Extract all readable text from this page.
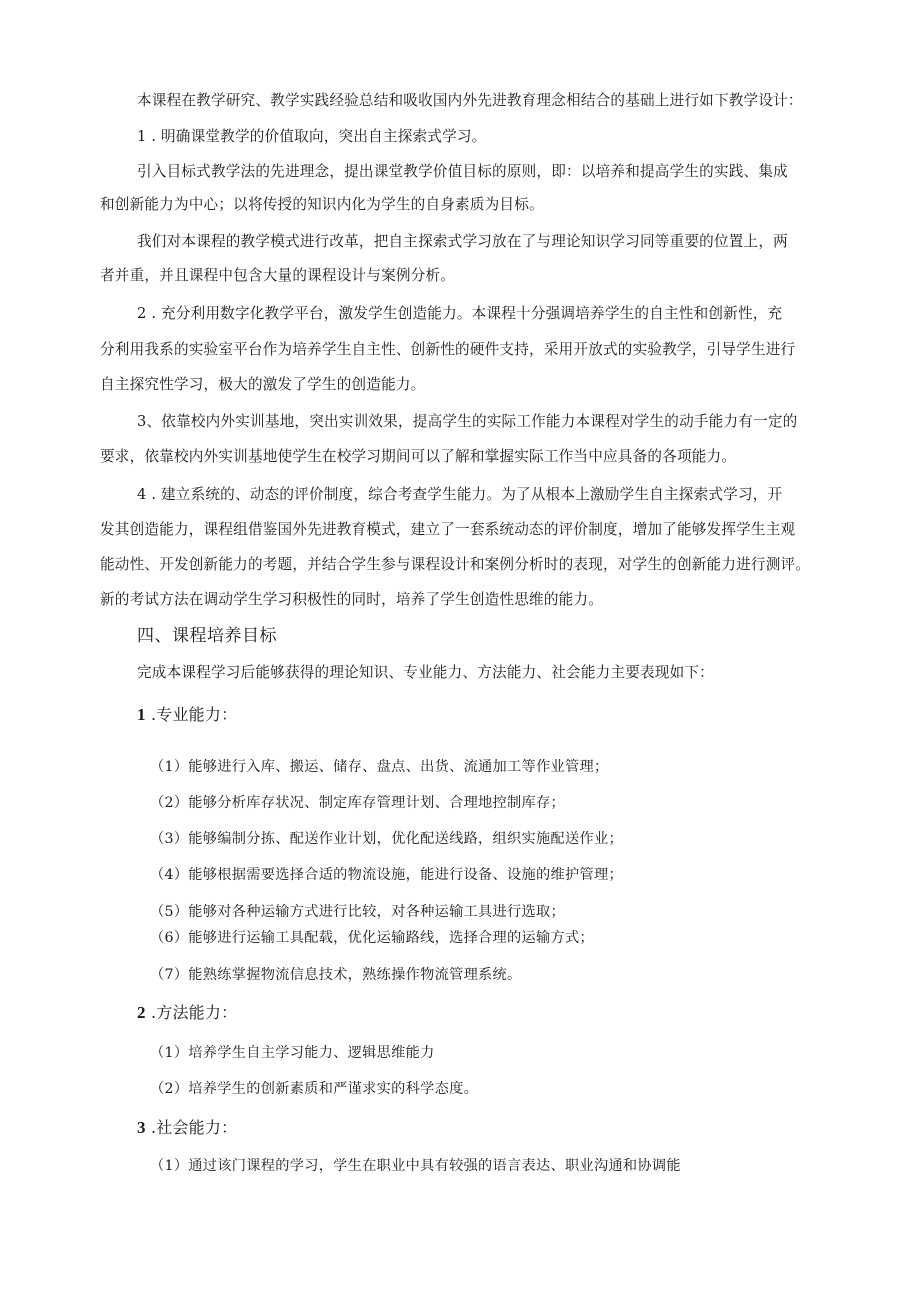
本课程在教学研究、教学实践经验总结和吸收国内外先进教育理念相结合的基础上进行如下教学设计：
1 . 明确课堂教学的价值取向，突出自主探索式学习。
引入目标式教学法的先进理念，提出课堂教学价值目标的原则，即：以培养和提高学生的实践、集成
和创新能力为中心；以将传授的知识内化为学生的自身素质为目标。
我们对本课程的教学模式进行改革，把自主探索式学习放在了与理论知识学习同等重要的位置上，两
者并重，并且课程中包含大量的课程设计与案例分析。
2 . 充分利用数字化教学平台，激发学生创造能力。本课程十分强调培养学生的自主性和创新性，充
分利用我系的实验室平台作为培养学生自主性、创新性的硬件支持，采用开放式的实验教学，引导学生进行
自主探究性学习，极大的激发了学生的创造能力。
3、依靠校内外实训基地，突出实训效果，提高学生的实际工作能力本课程对学生的动手能力有一定的
要求，依靠校内外实训基地使学生在校学习期间可以了解和掌握实际工作当中应具备的各项能力。
4 . 建立系统的、动态的评价制度，综合考查学生能力。为了从根本上激励学生自主探索式学习，开
发其创造能力，课程组借鉴国外先进教育模式，建立了一套系统动态的评价制度，增加了能够发挥学生主观
能动性、开发创新能力的考题，并结合学生参与课程设计和案例分析时的表现，对学生的创新能力进行测评。
新的考试方法在调动学生学习积极性的同时，培养了学生创造性思维的能力。
四、课程培养目标
完成本课程学习后能够获得的理论知识、专业能力、方法能力、社会能力主要表现如下：
1 .专业能力：
（1）能够进行入库、搬运、储存、盘点、出货、流通加工等作业管理；
（2）能够分析库存状况、制定库存管理计划、合理地控制库存；
（3）能够编制分拣、配送作业计划，优化配送线路，组织实施配送作业；
（4）能够根据需要选择合适的物流设施，能进行设备、设施的维护管理；
（5）能够对各种运输方式进行比较，对各种运输工具进行选取；
（6）能够进行运输工具配载，优化运输路线，选择合理的运输方式；
（7）能熟练掌握物流信息技术，熟练操作物流管理系统。
2 .方法能力：
（1）培养学生自主学习能力、逻辑思维能力
（2）培养学生的创新素质和严谨求实的科学态度。
3 .社会能力：
（1）通过该门课程的学习，学生在职业中具有较强的语言表达、职业沟通和协调能
